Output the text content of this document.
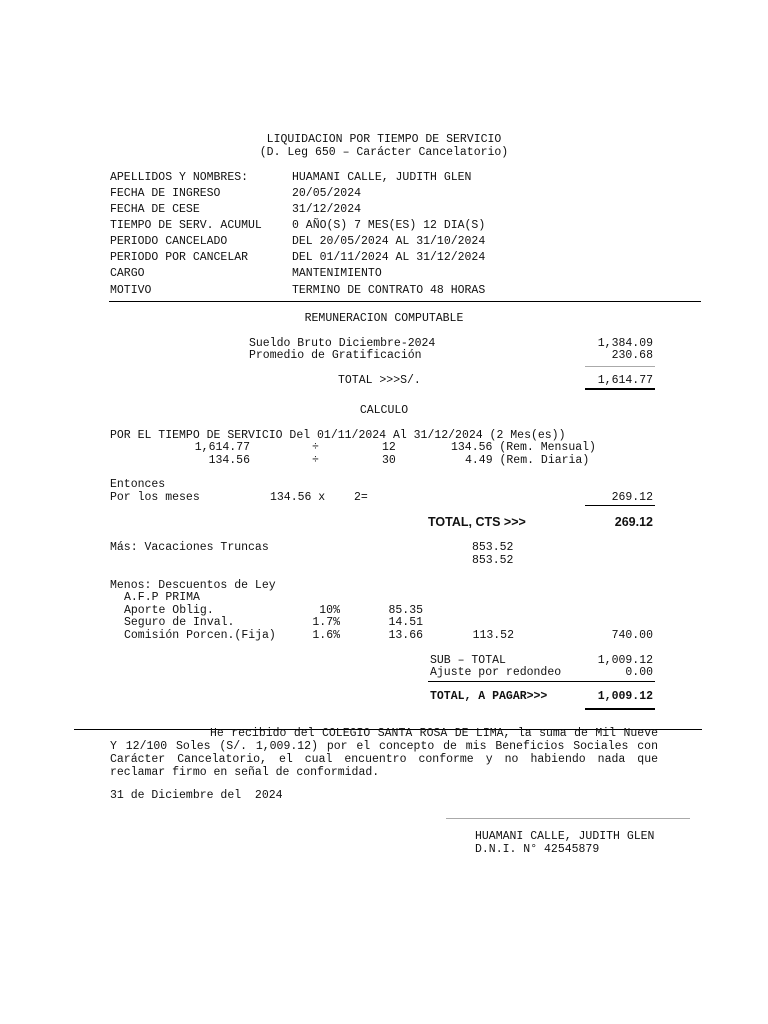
LIQUIDACION POR TIEMPO DE SERVICIO
(D. Leg 650 – Carácter Cancelatorio)
APELLIDOS Y NOMBRES:	HUAMANI CALLE, JUDITH GLEN
FECHA DE INGRESO	20/05/2024
FECHA DE CESE	31/12/2024
TIEMPO DE SERV. ACUMUL	0 AÑO(S) 7 MES(ES) 12 DIA(S)
PERIODO CANCELADO	DEL 20/05/2024 AL 31/10/2024
PERIODO POR CANCELAR	DEL 01/11/2024 AL 31/12/2024
CARGO	MANTENIMIENTO
MOTIVO	TERMINO DE CONTRATO 48 HORAS
REMUNERACION COMPUTABLE
Sueldo Bruto Diciembre-2024	1,384.09
Promedio de Gratificación	230.68
TOTAL >>>S/.	1,614.77
CALCULO
POR EL TIEMPO DE SERVICIO Del 01/11/2024 Al 31/12/2024 (2 Mes(es))
1,614.77	÷	12	134.56 (Rem. Mensual)
134.56	÷	30	4.49 (Rem. Diaria)
Entonces
Por los meses	134.56 x	2=	269.12
TOTAL, CTS >>>	269.12
Más: Vacaciones Truncas	853.52
853.52
Menos: Descuentos de Ley
A.F.P PRIMA
Aporte Oblig.	10%	85.35
Seguro de Inval.	1.7%	14.51
Comisión Porcen.(Fija)	1.6%	13.66	113.52	740.00
SUB – TOTAL	1,009.12
Ajuste por redondeo	0.00
TOTAL, A PAGAR>>>	1,009.12
He recibido del COLEGIO SANTA ROSA DE LIMA, la suma de Mil Nueve Y 12/100 Soles (S/. 1,009.12) por el concepto de mis Beneficios Sociales con Carácter Cancelatorio, el cual encuentro conforme y no habiendo nada que reclamar firmo en señal de conformidad.
31 de Diciembre del  2024
HUAMANI CALLE, JUDITH GLEN
D.N.I. N° 42545879
